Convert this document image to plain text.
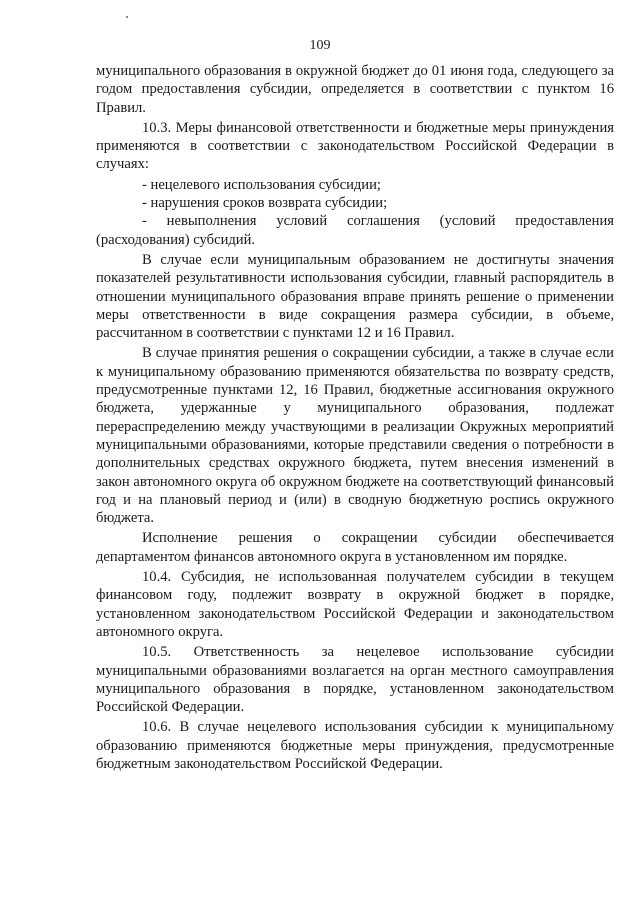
109

муниципального образования в окружной бюджет до 01 июня года, следующего за годом предоставления субсидии, определяется в соответствии с пунктом 16 Правил.

10.3. Меры финансовой ответственности и бюджетные меры принуждения применяются в соответствии с законодательством Российской Федерации в случаях:

- нецелевого использования субсидии;

- нарушения сроков возврата субсидии;

- невыполнения условий соглашения (условий предоставления (расходования) субсидий.

В случае если муниципальным образованием не достигнуты значения показателей результативности использования субсидии, главный распорядитель в отношении муниципального образования вправе принять решение о применении меры ответственности в виде сокращения размера субсидии, в объеме, рассчитанном в соответствии с пунктами 12 и 16 Правил.

В случае принятия решения о сокращении субсидии, а также в случае если к муниципальному образованию применяются обязательства по возврату средств, предусмотренные пунктами 12, 16 Правил, бюджетные ассигнования окружного бюджета, удержанные у муниципального образования, подлежат перераспределению между участвующими в реализации Окружных мероприятий муниципальными образованиями, которые представили сведения о потребности в дополнительных средствах окружного бюджета, путем внесения изменений в закон автономного округа об окружном бюджете на соответствующий финансовый год и на плановый период и (или) в сводную бюджетную роспись окружного бюджета.

Исполнение решения о сокращении субсидии обеспечивается департаментом финансов автономного округа в установленном им порядке.

10.4. Субсидия, не использованная получателем субсидии в текущем финансовом году, подлежит возврату в окружной бюджет в порядке, установленном законодательством Российской Федерации и законодательством автономного округа.

10.5. Ответственность за нецелевое использование субсидии муниципальными образованиями возлагается на орган местного самоуправления муниципального образования в порядке, установленном законодательством Российской Федерации.

10.6. В случае нецелевого использования субсидии к муниципальному образованию применяются бюджетные меры принуждения, предусмотренные бюджетным законодательством Российской Федерации.
